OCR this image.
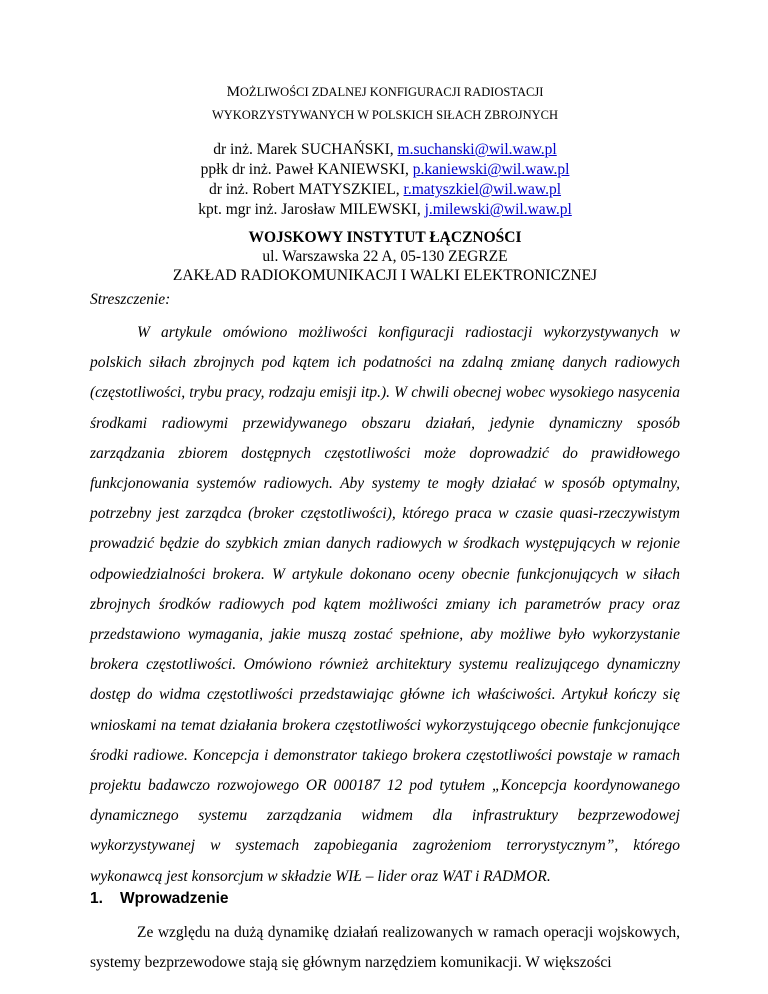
MOŻLIWOŚCI ZDALNEJ KONFIGURACJI RADIOSTACJI
WYKORZYSTYWANYCH W POLSKICH SIŁACH ZBROJNYCH
dr inż. Marek SUCHAŃSKI, m.suchanski@wil.waw.pl
ppłk dr inż. Paweł KANIEWSKI, p.kaniewski@wil.waw.pl
dr inż. Robert MATYSZKIEL, r.matyszkiel@wil.waw.pl
kpt. mgr inż. Jarosław MILEWSKI, j.milewski@wil.waw.pl
WOJSKOWY INSTYTUT ŁĄCZNOŚCI
ul. Warszawska 22 A, 05-130 ZEGRZE
ZAKŁAD RADIOKOMUNIKACJI I WALKI ELEKTRONICZNEJ
Streszczenie:

W artykule omówiono możliwości konfiguracji radiostacji wykorzystywanych w polskich siłach zbrojnych pod kątem ich podatności na zdalną zmianę danych radiowych (częstotliwości, trybu pracy, rodzaju emisji itp.). W chwili obecnej wobec wysokiego nasycenia środkami radiowymi przewidywanego obszaru działań, jedynie dynamiczny sposób zarządzania zbiorem dostępnych częstotliwości może doprowadzić do prawidłowego funkcjonowania systemów radiowych. Aby systemy te mogły działać w sposób optymalny, potrzebny jest zarządca (broker częstotliwości), którego praca w czasie quasi-rzeczywistym prowadzić będzie do szybkich zmian danych radiowych w środkach występujących w rejonie odpowiedzialności brokera. W artykule dokonano oceny obecnie funkcjonujących w siłach zbrojnych środków radiowych pod kątem możliwości zmiany ich parametrów pracy oraz przedstawiono wymagania, jakie muszą zostać spełnione, aby możliwe było wykorzystanie brokera częstotliwości. Omówiono również architektury systemu realizującego dynamiczny dostęp do widma częstotliwości przedstawiając główne ich właściwości. Artykuł kończy się wnioskami na temat działania brokera częstotliwości wykorzystującego obecnie funkcjonujące środki radiowe. Koncepcja i demonstrator takiego brokera częstotliwości powstaje w ramach projektu badawczo rozwojowego OR 000187 12 pod tytułem „Koncepcja koordynowanego dynamicznego systemu zarządzania widmem dla infrastruktury bezprzewodowej wykorzystywanej w systemach zapobiegania zagrożeniom terrorystycznym”, którego wykonawcą jest konsorcjum w składzie WIŁ – lider oraz WAT i RADMOR.

1. Wprowadzenie

Ze względu na dużą dynamikę działań realizowanych w ramach operacji wojskowych, systemy bezprzewodowe stają się głównym narzędziem komunikacji. W większości
